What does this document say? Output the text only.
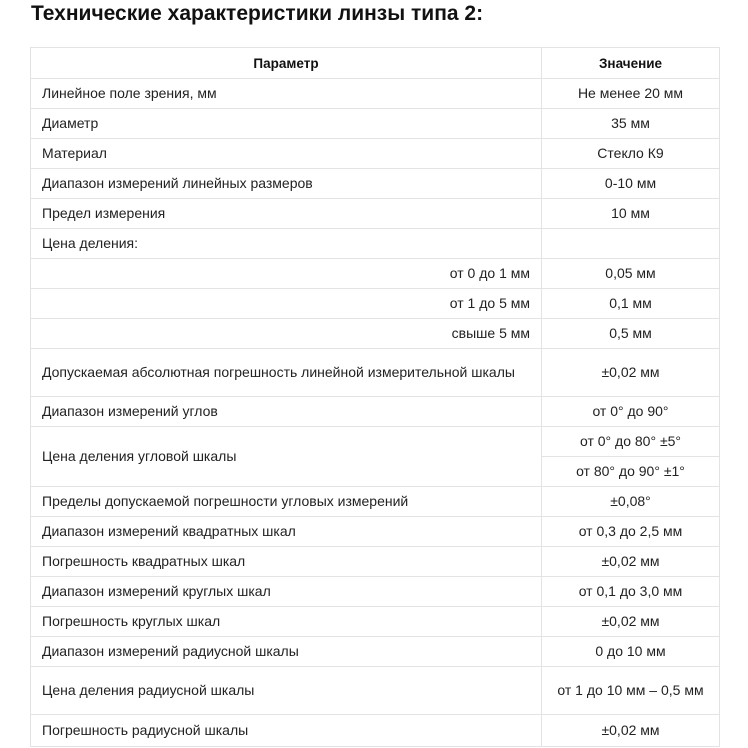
Технические характеристики линзы типа 2:
Параметр	Значение
Линейное поле зрения, мм	Не менее 20 мм
Диаметр	35 мм
Материал	Стекло К9
Диапазон измерений линейных размеров	0-10 мм
Предел измерения	10 мм
Цена деления:	
от 0 до 1 мм	0,05 мм
от 1 до 5 мм	0,1 мм
свыше 5 мм	0,5 мм
Допускаемая абсолютная погрешность линейной измерительной шкалы	±0,02 мм
Диапазон измерений углов	от 0° до 90°
Цена деления угловой шкалы	от 0° до 80° ±5°
	от 80° до 90° ±1°
Пределы допускаемой погрешности угловых измерений	±0,08°
Диапазон измерений квадратных шкал	от 0,3 до 2,5 мм
Погрешность квадратных шкал	±0,02 мм
Диапазон измерений круглых шкал	от 0,1 до 3,0 мм
Погрешность круглых шкал	±0,02 мм
Диапазон измерений радиусной шкалы	0 до 10 мм
Цена деления радиусной шкалы	от 1 до 10 мм – 0,5 мм
Погрешность радиусной шкалы	±0,02 мм
